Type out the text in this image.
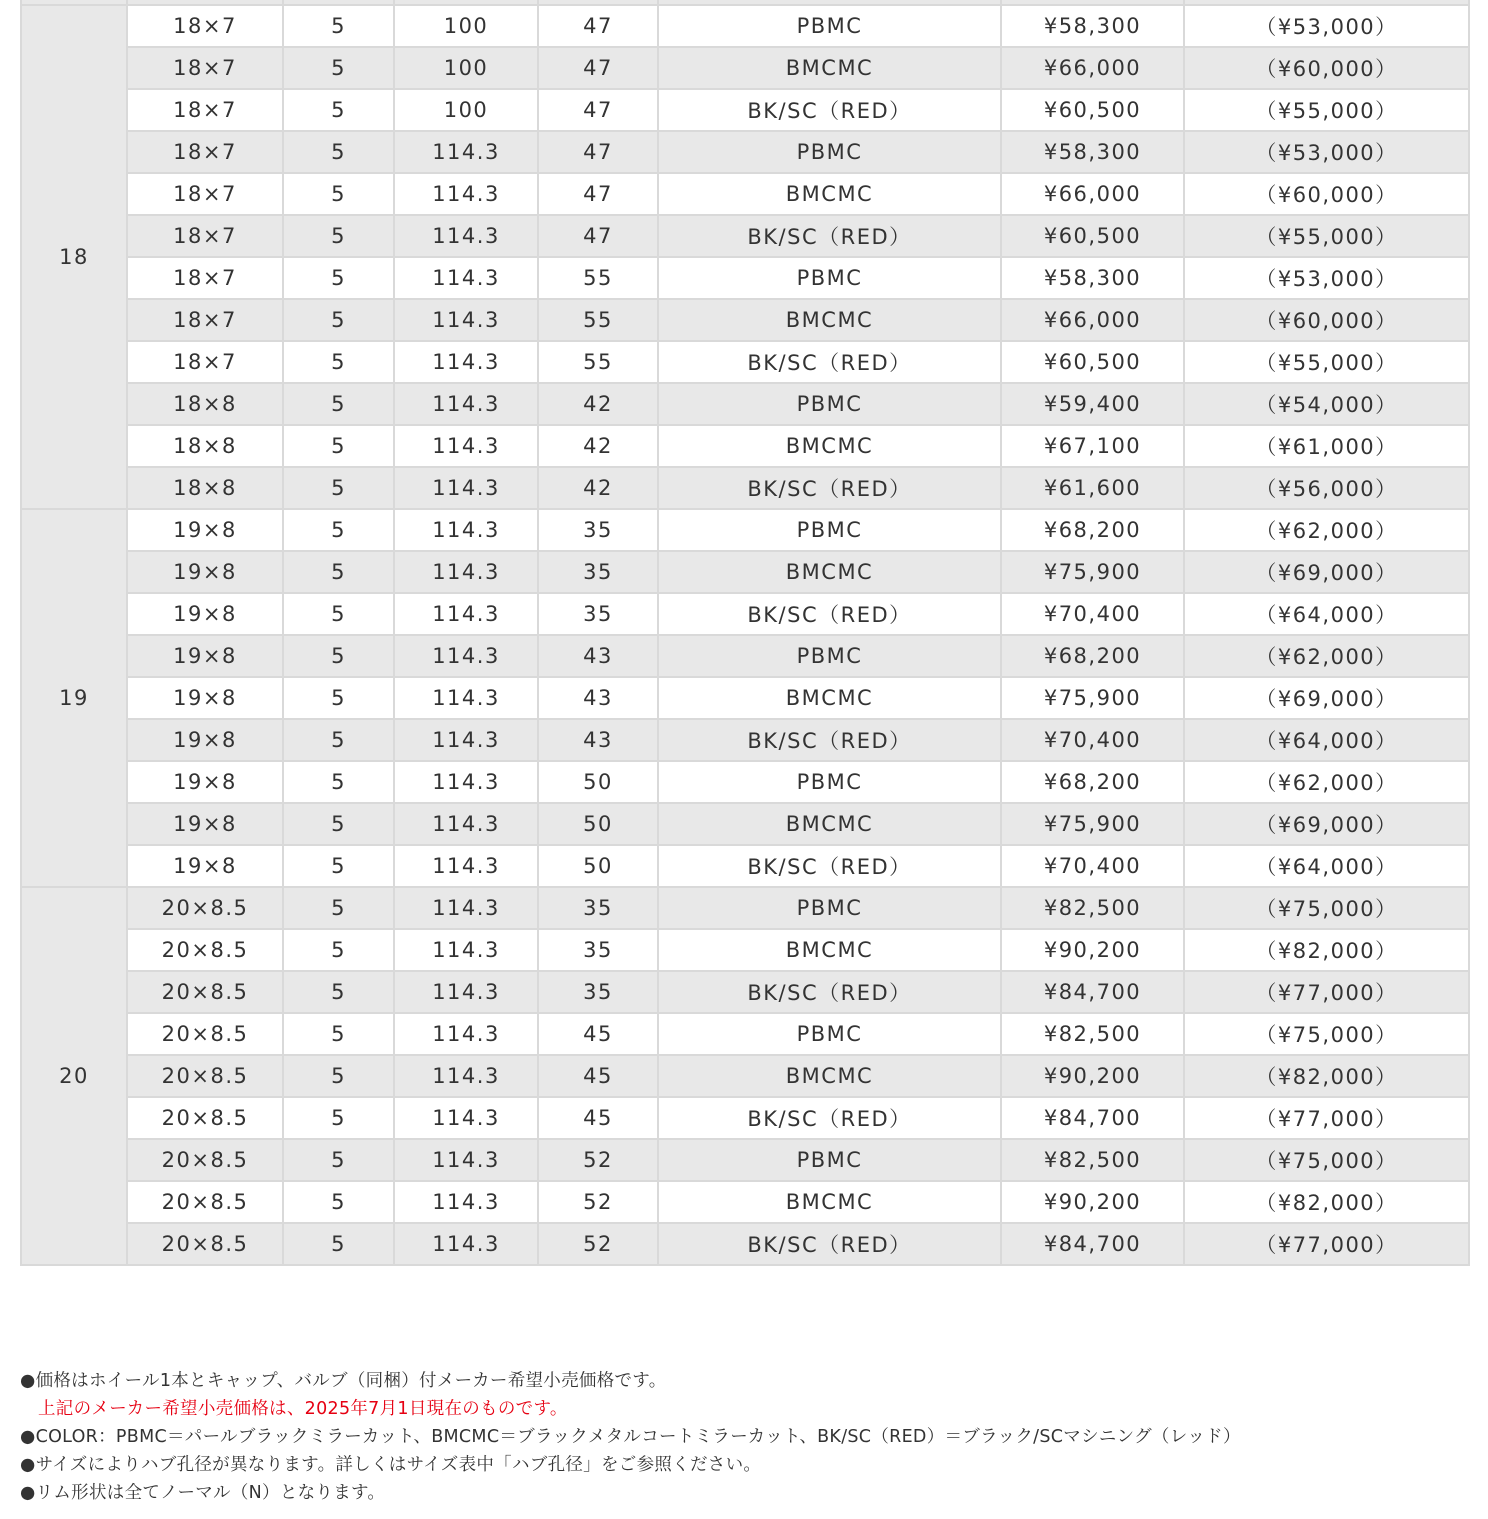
18	18×7	5	100	47	PBMC	¥58,300	（¥53,000）
	18×7	5	100	47	BMCMC	¥66,000	（¥60,000）
	18×7	5	100	47	BK/SC（RED）	¥60,500	（¥55,000）
	18×7	5	114.3	47	PBMC	¥58,300	（¥53,000）
	18×7	5	114.3	47	BMCMC	¥66,000	（¥60,000）
	18×7	5	114.3	47	BK/SC（RED）	¥60,500	（¥55,000）
	18×7	5	114.3	55	PBMC	¥58,300	（¥53,000）
	18×7	5	114.3	55	BMCMC	¥66,000	（¥60,000）
	18×7	5	114.3	55	BK/SC（RED）	¥60,500	（¥55,000）
	18×8	5	114.3	42	PBMC	¥59,400	（¥54,000）
	18×8	5	114.3	42	BMCMC	¥67,100	（¥61,000）
	18×8	5	114.3	42	BK/SC（RED）	¥61,600	（¥56,000）
19	19×8	5	114.3	35	PBMC	¥68,200	（¥62,000）
	19×8	5	114.3	35	BMCMC	¥75,900	（¥69,000）
	19×8	5	114.3	35	BK/SC（RED）	¥70,400	（¥64,000）
	19×8	5	114.3	43	PBMC	¥68,200	（¥62,000）
	19×8	5	114.3	43	BMCMC	¥75,900	（¥69,000）
	19×8	5	114.3	43	BK/SC（RED）	¥70,400	（¥64,000）
	19×8	5	114.3	50	PBMC	¥68,200	（¥62,000）
	19×8	5	114.3	50	BMCMC	¥75,900	（¥69,000）
	19×8	5	114.3	50	BK/SC（RED）	¥70,400	（¥64,000）
20	20×8.5	5	114.3	35	PBMC	¥82,500	（¥75,000）
	20×8.5	5	114.3	35	BMCMC	¥90,200	（¥82,000）
	20×8.5	5	114.3	35	BK/SC（RED）	¥84,700	（¥77,000）
	20×8.5	5	114.3	45	PBMC	¥82,500	（¥75,000）
	20×8.5	5	114.3	45	BMCMC	¥90,200	（¥82,000）
	20×8.5	5	114.3	45	BK/SC（RED）	¥84,700	（¥77,000）
	20×8.5	5	114.3	52	PBMC	¥82,500	（¥75,000）
	20×8.5	5	114.3	52	BMCMC	¥90,200	（¥82,000）
	20×8.5	5	114.3	52	BK/SC（RED）	¥84,700	（¥77,000）
●価格はホイール1本とキャップ、バルブ（同梱）付メーカー希望小売価格です。
上記のメーカー希望小売価格は、2025年7月1日現在のものです。
●COLOR：PBMC＝パールブラックミラーカット、BMCMC＝ブラックメタルコートミラーカット、BK/SC（RED）＝ブラック/SCマシニング（レッド）
●サイズによりハブ孔径が異なります。詳しくはサイズ表中「ハブ孔径」をご参照ください。
●リム形状は全てノーマル（N）となります。
